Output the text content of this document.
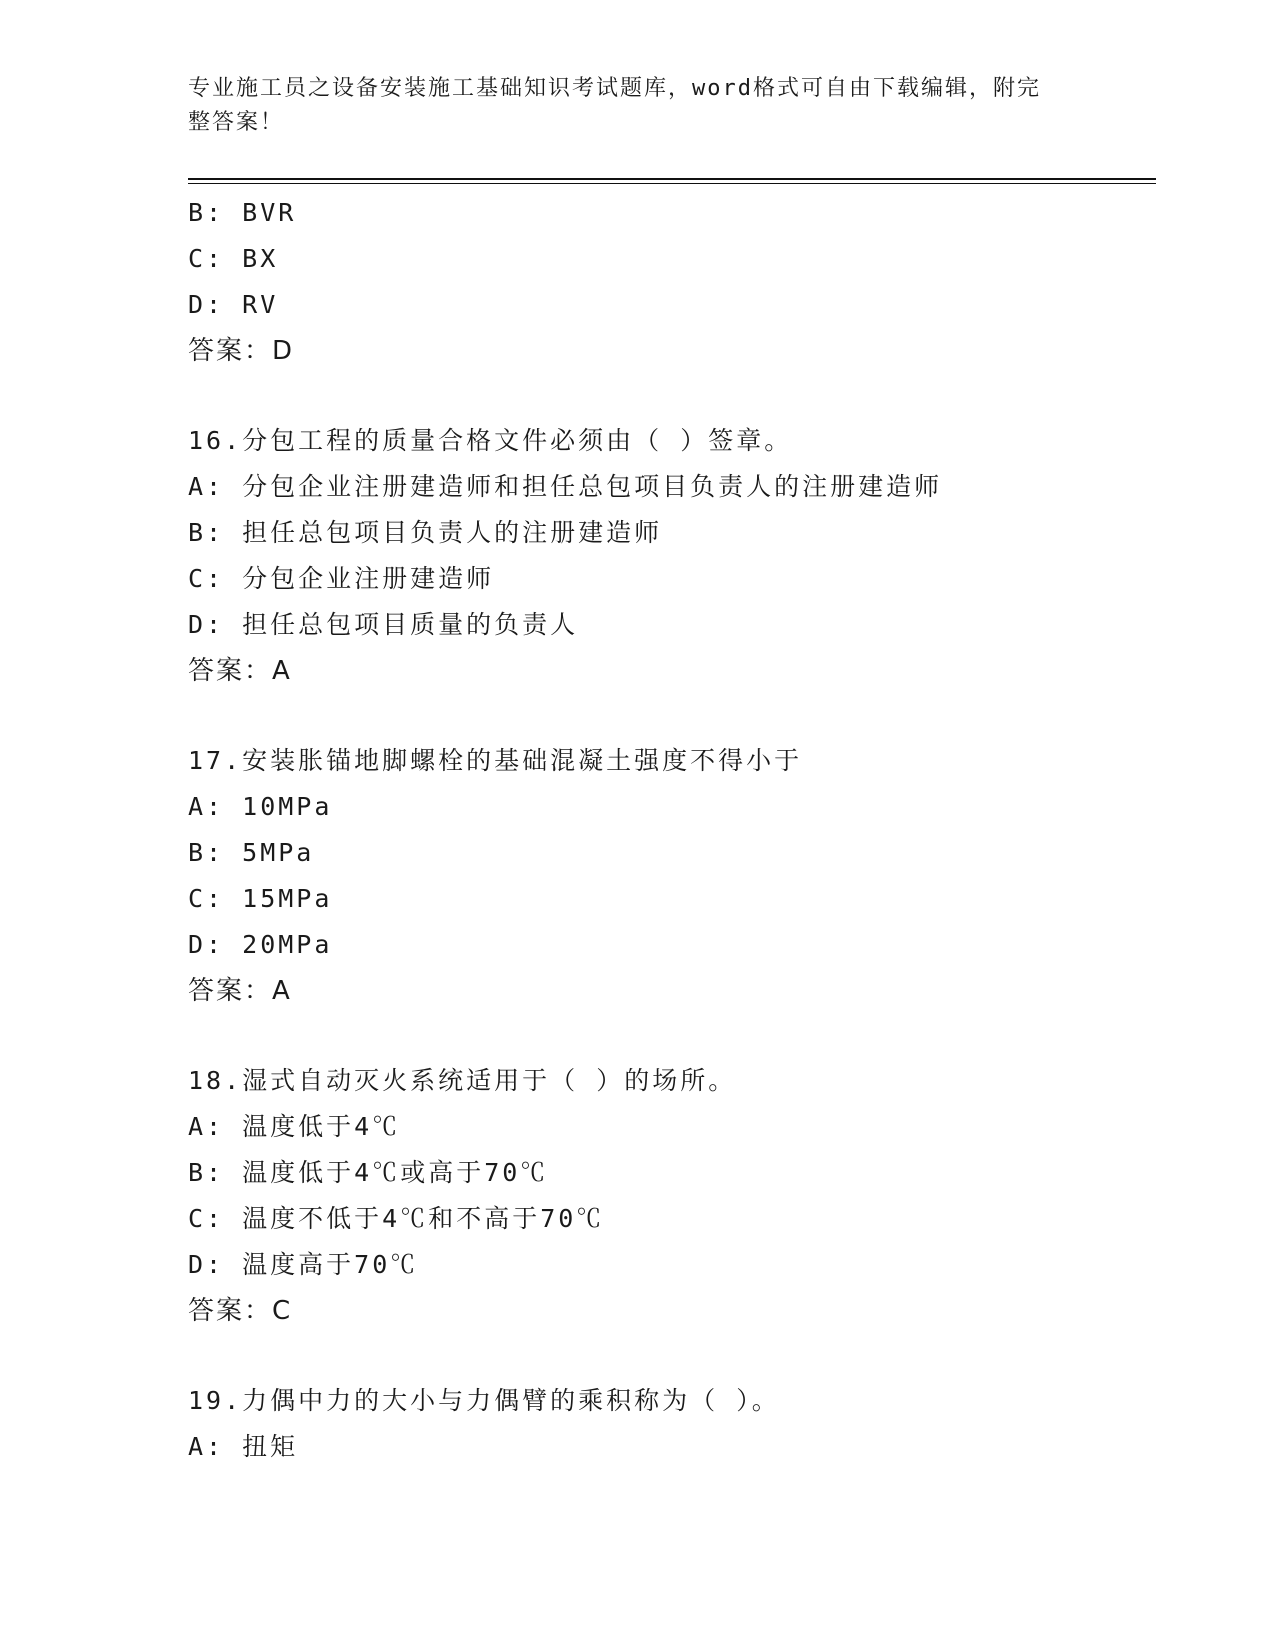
专业施工员之设备安装施工基础知识考试题库，word格式可自由下载编辑，附完
整答案！
B: BVR
C: BX
D: RV
答案：D
16.分包工程的质量合格文件必须由（ ）签章。
A: 分包企业注册建造师和担任总包项目负责人的注册建造师
B: 担任总包项目负责人的注册建造师
C: 分包企业注册建造师
D: 担任总包项目质量的负责人
答案：A
17.安装胀锚地脚螺栓的基础混凝土强度不得小于
A: 10MPa
B: 5MPa
C: 15MPa
D: 20MPa
答案：A
18.湿式自动灭火系统适用于（ ）的场所。
A: 温度低于4℃
B: 温度低于4℃或高于70℃
C: 温度不低于4℃和不高于70℃
D: 温度高于70℃
答案：C
19.力偶中力的大小与力偶臂的乘积称为（ ）。
A: 扭矩
